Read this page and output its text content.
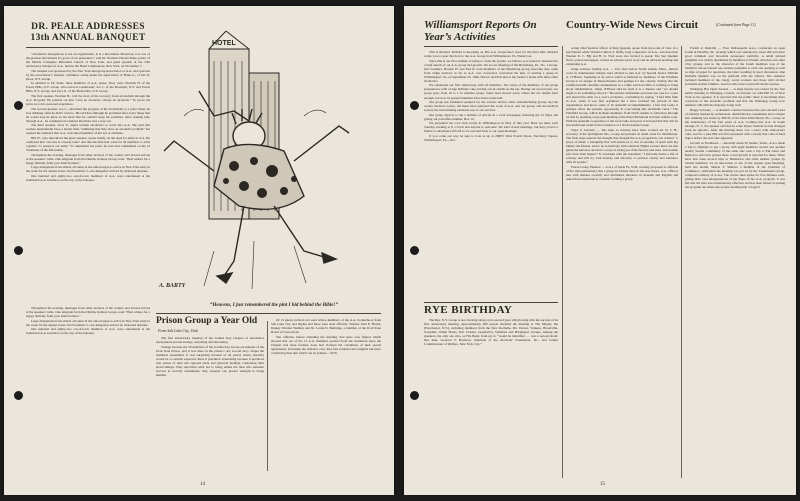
DR. PEALE ADDRESSES 13th ANNUAL BANQUET

“Alcoholics Anonymous is not an organization. It is a movement. Moreover, it is one of the greatest movements for good of our generation,” said Dr. Norman Vincent Peale, pastor of the Marble Collegiate Reformed Church of New York, and guest speaker at the 13th anniversary banquet of A.A., held in the Hotel Commodore, New York, on November 7.

The banquet was sponsored by the New York Intergroup Association of A.A. and operated by the association’s banquet committee acting under the supervision of Hank G., of the W. Knox, N.Y. Group.

In addition to Dr. Peale, three members of A.A. spoke. They were: Norman H. of the Forest Hills, N.Y. Group, who acted as toastmaster; Joe C. of the Brooklyn, N.Y. and Forest Hills, N.Y. Group; and Lucy P., of the Bronxville, N.Y. Group.

The first speaker, Norman H., told the story of his recovery from alcoholism through the A.A. Program. He pointed out that “once an alcoholic, always an alcoholic.” To prove his point, he told a personal experience.

The second speaker, Joe C., described the progress of his alcoholism to a point where he was drinking often he didn’t want to. He said that although he promised after every binge that he would stop he knew in his heart that he couldn’t keep his promises. After seeking help through A.A., he continued, he realized that there was a way out.

The third speaker, Lucy P., urged women alcoholics to come into A.A. She said that women undoubtedly have a harder time “admitting that they have an alcoholic problem” but assured the audience that A.A. welcomed members of her sex at all times.

Bill W., who introduced the guest speaker, spoke briefly on the need for unity in A.A. He cautioned that “success is a heady wine” and that the time had come for all members to stick together “to preserve our unity.” To emphasize his point, he read and commented on the 12 Traditions of the fellowship.

Throughout the evening, messages from other sections of the country and abroad arrived at the speakers’ table. One telegram from the Dublin, Ireland, Group, read: “Best wishes for a happy birthday from your Irish brothers.”

Large delegations from almost all states in the union began to arrive in New York early in the week for the annual event. On November 5, one delegation arrived by chartered airplane.

One hundred and eighty-two out-of-town members of A.A. were entertained at the traditional A.A. luncheon on the day of the banquet.

Throughout the evening, messages from other sections of the country and abroad arrived at the speakers’ table. One telegram from the Dublin, Ireland, Group, read: “Best wishes for a happy birthday from your Irish brothers.”

Large delegations from almost all states in the union began to arrive in New York early in the week for the annual event. On November 5, one delegation arrived by chartered airplane.

One hundred and eighty-two out-of-town members of A.A. were entertained at the traditional A.A. luncheon on the day of the banquet.

HOTEL
A. BARTY
“Heavens, I just remembered the pint I hid behind the Bible!”
Prison Group a Year Old
From Salt Lake City, Utah

The first anniversary meeting of the Golden Key Chapter of Alcoholics Anonymous proved strange, surprising and interesting.

Strange because the 50 members of the Golden Key Group are inmates of the Utah State Prison, and it was there in the prison’s old, second story chapel the members assembled. It was surprising because of all places where sincerity would be so seldom expected, there it prevailed. Interesting because it produced true stories of men who ignored pride and personal feelings, confessing their shortcomings. They described what led to being unlike the men who measure success in worldly attainments, they asserted one greater strength in being humble.

Of 13 guests invited, ten were fellow-members of the A.A. brotherhood from Salt Lake City and Ogden and three were state officials, Warden John E. Harris, Deputy Warden VanDerr and Dr. Leslie D. Burbidge, a member of the Utah State Board of Corrections.

The officials, before attending the meeting, had gone over figures which showed that out of the 15 A.A. members paroled from the institution since the Chapter had been formed, none had violated the conditions of their parole agreements. In turning the statistics over, they had evidence into tangible but more convincing than that which can be printed.—W.W.

14
Williamsport Reports On Year’s Activities
Country-Wide News Circuit	(Continued from Page 11)

This is Richard. Richard is knocking on The A.A. Grapevine’s door for the third time. Richard wants you to open that door to the A.A. Group from Williamsport, Pa. Thank you.

Since this is our first attempt at trying to crash the portals, we believe you would be interested in a brief sketch of our A.A. group and growth. We are an offspring of the Harrisburg, Pa., No. 1 Group. Our founders, Horatio H. and Earl R. both members of the Harrisburg group, knowing they came from virgin territory as far as A.A. was concerned, conceived the idea of starting a group in Williamsport. So, on September 25, 1946, Horace and Earl met at the former’s home with three other alcoholics.

We celebrated our first anniversary with 10 members. The wives of the members of our group presented us with a large birthday cake, having a hour candle on the top. During our second year, our group grew from 10 to a 25 member group. Some have moved away, others did not remain hard enough, but now 16 present members have been on the ball.

Our group has furnished speakers for the various service clubs, manufacturing groups and the county medical society. All these have endorsed the work of A.A. and our group, and the medical society has been making extensive use of our services.

Our group expects to run a number of articles in a local newspaper, featuring the 12 Steps and giving our postoffice number, Box 12.

We presented our own club rooms in Williamsport in May of this year. Here we meet each Tuesday evening at 8 o’clock and anyone is welcome. We tried closed meetings, but they proved a failure so attendance fell off so we resorted back to our open meetings.

If you come our way be sure to look us up at 2000½ West Fourth Street, Newberry Square, Williamsport, Pa.—R.C.

RYE BIRTHDAY

The Rye, N.Y. Group is now moving along on its second year, still glowing with the success of its first anniversary meeting. Approximately 400 people attended the meeting at The Shipley Inn (Portchester, N.Y.), including members from the New Rochelle, Mt. Vernon, Yonkers, Bronxville, Scarsdale, White Plains, Port Chester, Greenwich, Stamford and Bridgeport Groups. Among the speakers, the only one who, as Fitz Beaty from got it, “would be identified . . . was a non-alcoholic Rye man, Leonard V. Harrison, chairman of the Alcoholic Foundation, Inc., and former Commissioner of Welfare, New York City.”

acting chief medical officer at Sing Quentin, spoke from the point of view of a psychiatrist while Warden Clinton T. Duffy, long a supporter of A.A., and Associate Warden D. C. Big and H. O. Trott were also invited to speak. The San Quentin News, prison newspaper, carried an advance news story and an editorial praising and explaining A.A.

Judge Advises Joining A.A. — Two men before North Adams, Mass., district court on drunkenness charges were advised to join A.A. by Special Justice William A. O’Hearn. Speaking as an active which is believed by members of the Pittsfield Group to be unique in Massachusetts and perhaps for the country. Stating that the commonwealth classifies drunkenness as a crime and does little or nothing to bring about rehabilitation, Judge O’Hearn said he feels it is a disease and “we should begin to do something about it.” He said the defendants each had one case for a year and placed the other on a year’s probation, concluding by saying, “I had little faith in A.A. when it was first organized but I have watched the growth of that organization and know some of its splendid accomplishments. I feel that today it perhaps offers the greatest opportunity in overcoming this inclinable curse.” The Pittsfield Group, which includes members from North Adams is following through on this by planning a big open meeting at the Hotel Richmond in North Adams soon. With the splendid cooperation of the local radio and press it is hoped that this will be successful and result in the formation of a North Adams Group.

Steps to Sobriety — Ten steps to sobriety have been worked out by S. H., secretary of the Springfield, Mo., Group and printed on small cards for distribution. The final steps express the thought that through the A.A. program he can achieve “a peace of mind; a tranquility that will enable us to live in serenity of spirit with my family and friends, and to be in harmony with whatever Higher powers there are that guide the universe and that I accept as living proof the flowers and trees, and woman who have been helped.” It concludes with the statement, “I sincerely desire a life of sobriety and will try with honesty and sincerity, to practice charity and tolerance with all people.”

Prison Group Planned — A.A.s of Santa Fe, N.M. recently proposed to officials of the state penitentiary that a group be formed there in the near future. A.A. officers met with inmates recently and distributed literature in Spanish and English and asked those interested to consider forming a group.

Forum at Danville — Four Indianapolis A.A.s conducted an open forum at Danville, Ill., recently which was attended by about 200 and drew good comment and favorable newspaper publicity. A small printed pamphlet was widely distributed by members to friends, churches and other civic groups, and so the character of the forum members was of the members whose banded one another pamphlet to each one opening as well as slips of paper for questions, the latter resulting in good discussion. One Danville member was on the platform with the visitors. The audience included members of the clergy, social workers and those with alcohol problems in their families. Several calls were received from the session.

Winnipeg Has Open Session — A large theatre was rented for the first public meeting in Winnipeg, Canada, on October 12, with Bill W. of New York as the speaker. It is reported that the public there is becoming more conscious of the alcoholic problem and that the Winnipeg Group now numbers 100 with the majority doing well.

Happy Sobriety — A dramatic contrast between five and one-half years of sobriety marked by restlessness, dissatisfaction, resentment and a relapse into drinking was made by Bill H. of the West Palm Beach, Fla., Group on the anniversary of his four years of A.A. Coming into A.A. in South Orange, N. J., the speaker said that in some mystic manner he had changed from an agnostic. After the meeting there was a party with anniversary cake, and for a joke Bill was first presented with a neatly tied coke of hard liquor before the real cake appeared.

Growth in Northwest — Recently about 30 Seattle, Wash., A.A.s made a trip to Olympia to get a group with eight members started and another nearby Seattle community of the same size took a trip to Elk Glass and Renton to start new groups there. Good growth is reported for these. There have also been several trips to Bremerton and other smaller groups by Seattle members. As an innovation at one of the regular open meetings, held last month, Milton T. Shulties a member of the Chamber of Commerce, auditorium the meeting was put on by the Toastmasters group, composed entirely of A.A.s. The twelve men spoke for five minutes each, giving their own interpretations of the Steps of the A.A. program. It was felt that the idea was tremendously effective and has been hailed as putting the program out where the people needing help can get it.

15
